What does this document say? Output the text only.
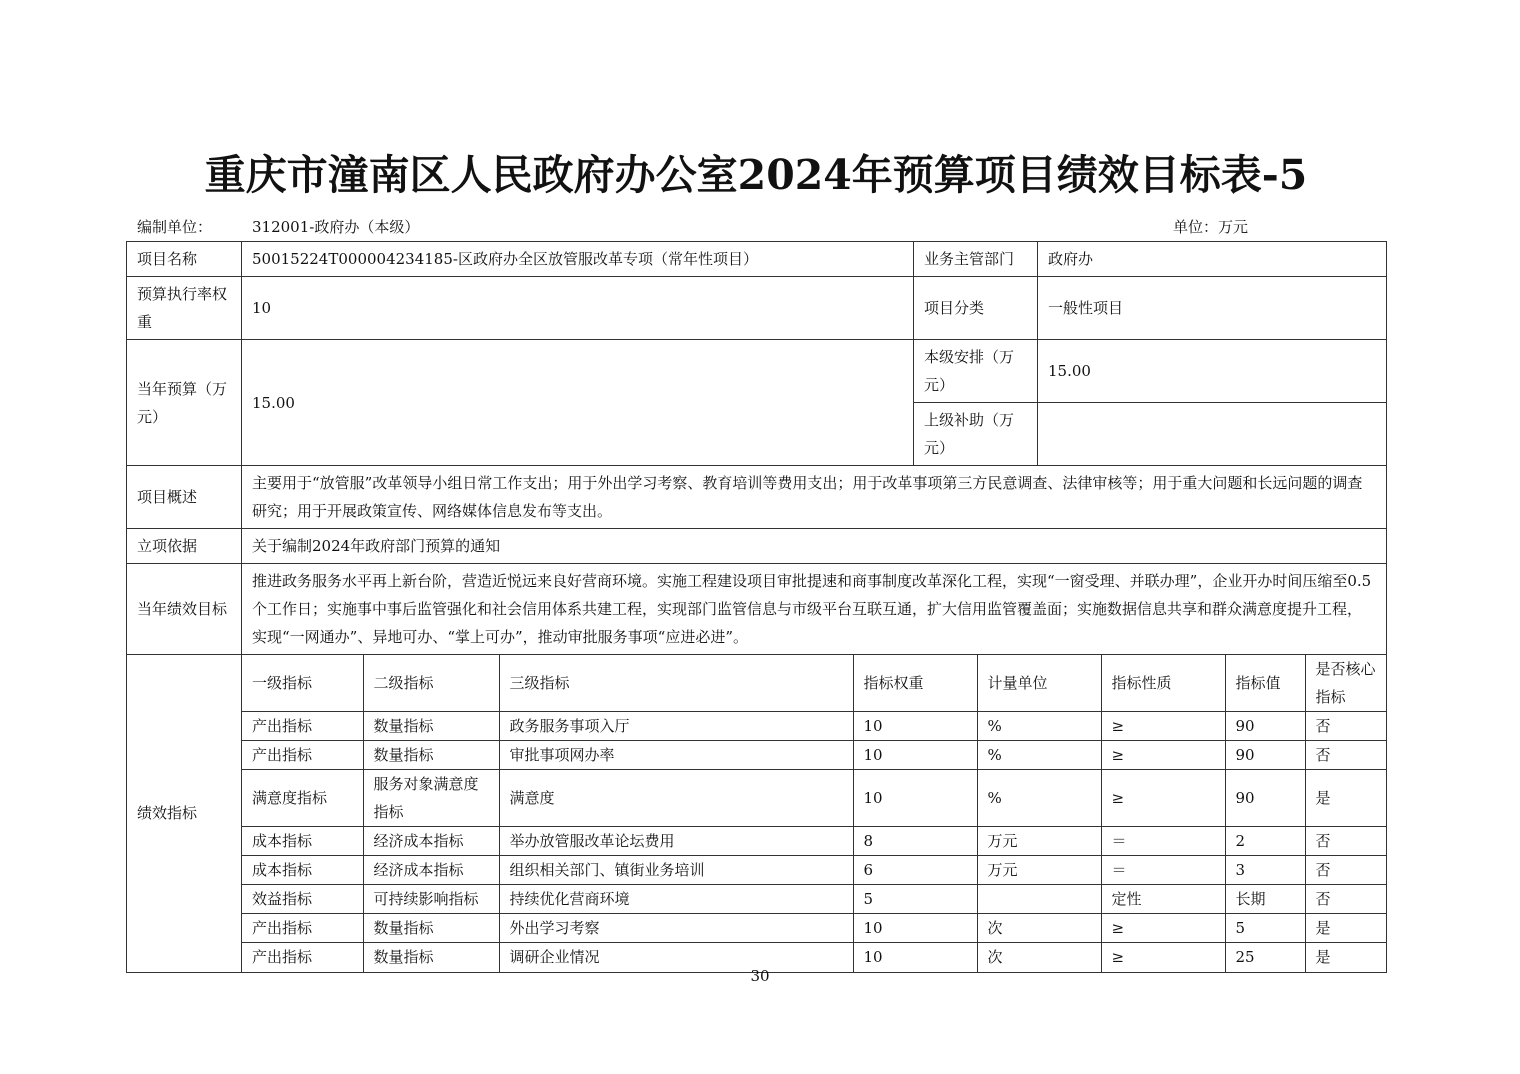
重庆市潼南区人民政府办公室2024年预算项目绩效目标表-5
编制单位：	312001-政府办（本级）	单位：万元
项目名称	50015224T000004234185-区政府办全区放管服改革专项（常年性项目）	业务主管部门	政府办
预算执行率权重	10	项目分类	一般性项目
当年预算（万元）	15.00	本级安排（万元）	15.00
上级补助（万元）	
项目概述	主要用于“放管服”改革领导小组日常工作支出；用于外出学习考察、教育培训等费用支出；用于改革事项第三方民意调查、法律审核等；用于重大问题和长远问题的调查研究；用于开展政策宣传、网络媒体信息发布等支出。
立项依据	关于编制2024年政府部门预算的通知
当年绩效目标	推进政务服务水平再上新台阶，营造近悦远来良好营商环境。实施工程建设项目审批提速和商事制度改革深化工程，实现“一窗受理、并联办理”，企业开办时间压缩至0.5个工作日；实施事中事后监管强化和社会信用体系共建工程，实现部门监管信息与市级平台互联互通，扩大信用监管覆盖面；实施数据信息共享和群众满意度提升工程，实现“一网通办”、异地可办、“掌上可办”，推动审批服务事项“应进必进”。
绩效指标	
一级指标	二级指标	三级指标	指标权重	计量单位	指标性质	指标值	是否核心指标
产出指标	数量指标	政务服务事项入厅	10	%	≥	90	否
产出指标	数量指标	审批事项网办率	10	%	≥	90	否
满意度指标	服务对象满意度指标	满意度	10	%	≥	90	是
成本指标	经济成本指标	举办放管服改革论坛费用	8	万元	＝	2	否
成本指标	经济成本指标	组织相关部门、镇街业务培训	6	万元	＝	3	否
效益指标	可持续影响指标	持续优化营商环境	5		定性	长期	否
产出指标	数量指标	外出学习考察	10	次	≥	5	是
产出指标	数量指标	调研企业情况	10	次	≥	25	是
30
